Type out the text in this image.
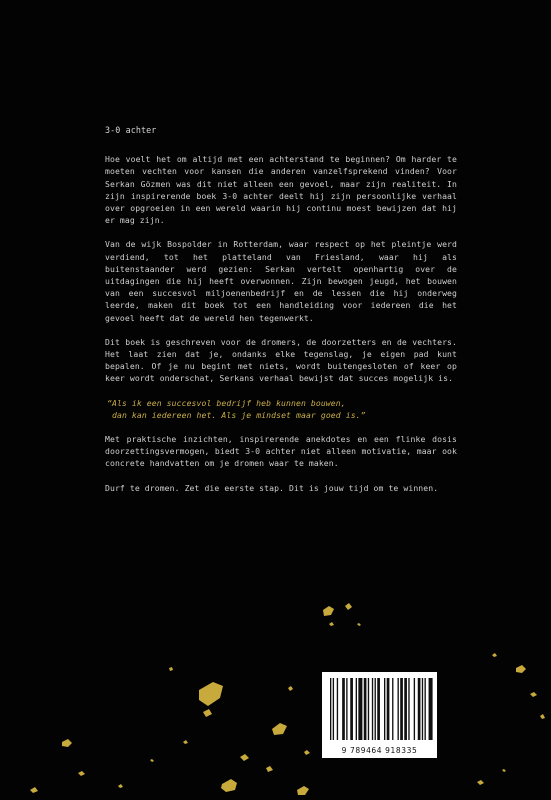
3-0 achter

Hoe voelt het om altijd met een achterstand te beginnen? Om harder te moeten vechten voor kansen die anderen vanzelfsprekend vinden? Voor Serkan Gözmen was dit niet alleen een gevoel, maar zijn realiteit. In zijn inspirerende boek 3-0 achter deelt hij zijn persoonlijke verhaal over opgroeien in een wereld waarin hij continu moest bewijzen dat hij er mag zijn.

Van de wijk Bospolder in Rotterdam, waar respect op het pleintje werd verdiend, tot het platteland van Friesland, waar hij als buitenstaander werd gezien: Serkan vertelt openhartig over de uitdagingen die hij heeft overwonnen. Zijn bewogen jeugd, het bouwen van een succesvol miljoenenbedrijf en de lessen die hij onderweg leerde, maken dit boek tot een handleiding voor iedereen die het gevoel heeft dat de wereld hen tegenwerkt.

Dit boek is geschreven voor de dromers, de doorzetters en de vechters. Het laat zien dat je, ondanks elke tegenslag, je eigen pad kunt bepalen. Of je nu begint met niets, wordt buitengesloten of keer op keer wordt onderschat, Serkans verhaal bewijst dat succes mogelijk is.

“Als ik een succesvol bedrijf heb kunnen bouwen,
dan kan iedereen het. Als je mindset maar goed is.”

Met praktische inzichten, inspirerende anekdotes en een flinke dosis doorzettingsvermogen, biedt 3-0 achter niet alleen motivatie, maar ook concrete handvatten om je dromen waar te maken.

Durf te dromen. Zet die eerste stap. Dit is jouw tijd om te winnen.

9 789464 918335
